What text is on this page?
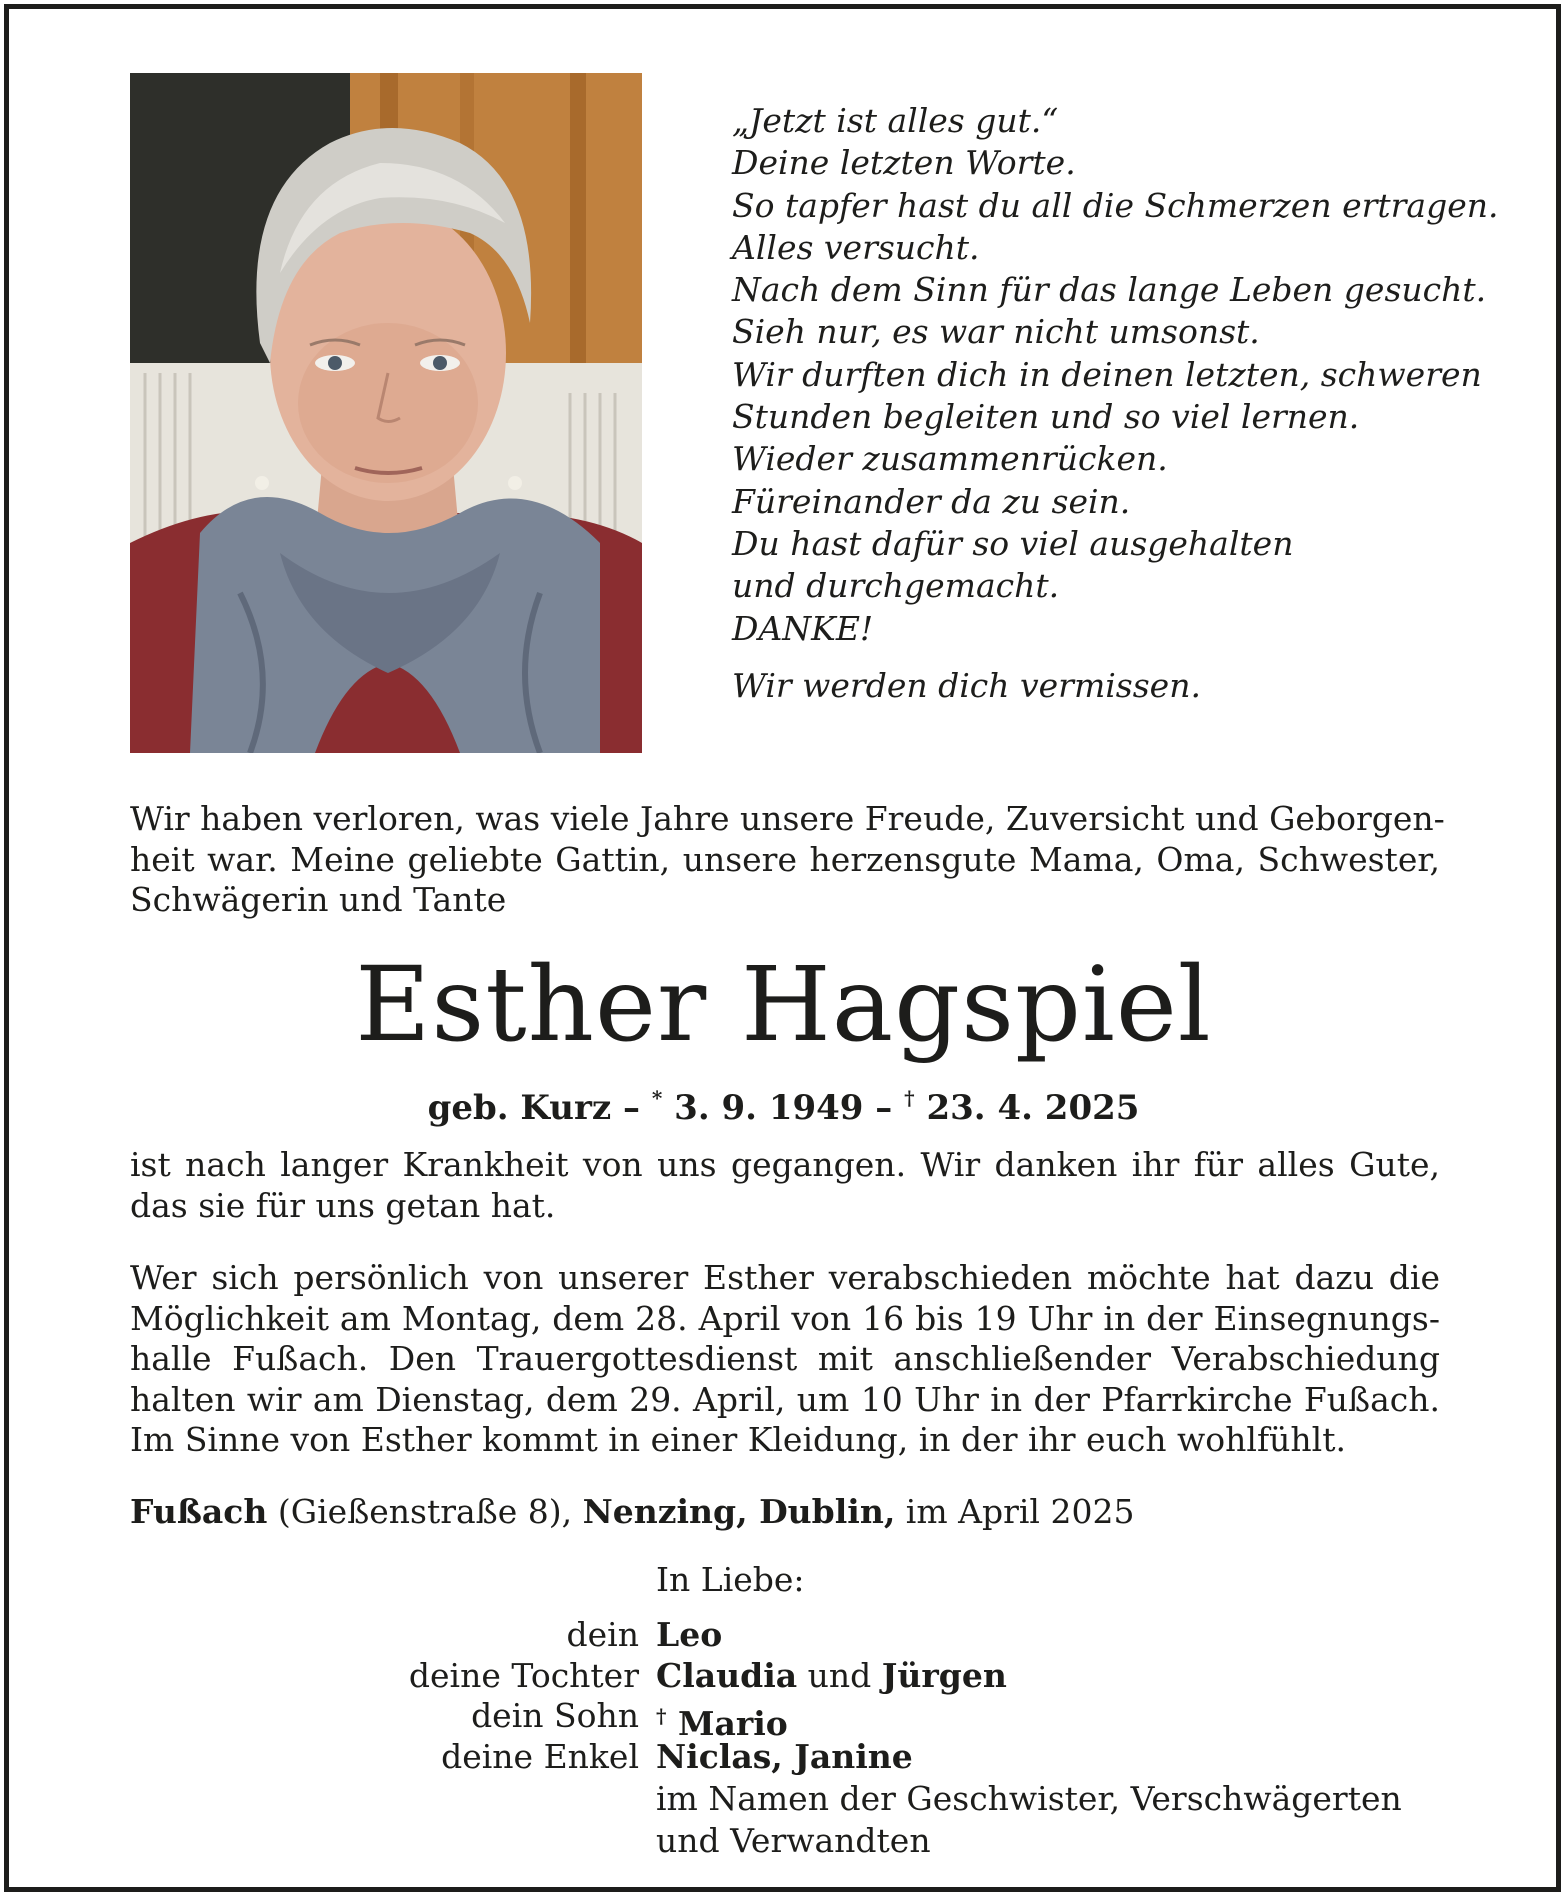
„Jetzt ist alles gut.“
Deine letzten Worte.
So tapfer hast du all die Schmerzen ertragen.
Alles versucht.
Nach dem Sinn für das lange Leben gesucht.
Sieh nur, es war nicht umsonst.
Wir durften dich in deinen letzten, schweren
Stunden begleiten und so viel lernen.
Wieder zusammenrücken.
Füreinander da zu sein.
Du hast dafür so viel ausgehalten
und durchgemacht.
DANKE!
Wir werden dich vermissen.
Wir haben verloren, was viele Jahre unsere Freude, Zuversicht und Geborgen-
heit war. Meine geliebte Gattin, unsere herzensgute Mama, Oma, Schwester,
Schwägerin und Tante
Esther Hagspiel
geb. Kurz – * 3. 9. 1949 – † 23. 4. 2025
ist nach langer Krankheit von uns gegangen. Wir danken ihr für alles Gute,
das sie für uns getan hat.
Wer sich persönlich von unserer Esther verabschieden möchte hat dazu die
Möglichkeit am Montag, dem 28. April von 16 bis 19 Uhr in der Einsegnungs-
halle Fußach. Den Trauergottesdienst mit anschließender Verabschiedung
halten wir am Dienstag, dem 29. April, um 10 Uhr in der Pfarrkirche Fußach.
Im Sinne von Esther kommt in einer Kleidung, in der ihr euch wohlfühlt.
Fußach (Gießenstraße 8), Nenzing, Dublin, im April 2025
In Liebe:
dein Leo
deine Tochter Claudia und Jürgen
dein Sohn † Mario
deine Enkel Niclas, Janine
im Namen der Geschwister, Verschwägerten
und Verwandten
